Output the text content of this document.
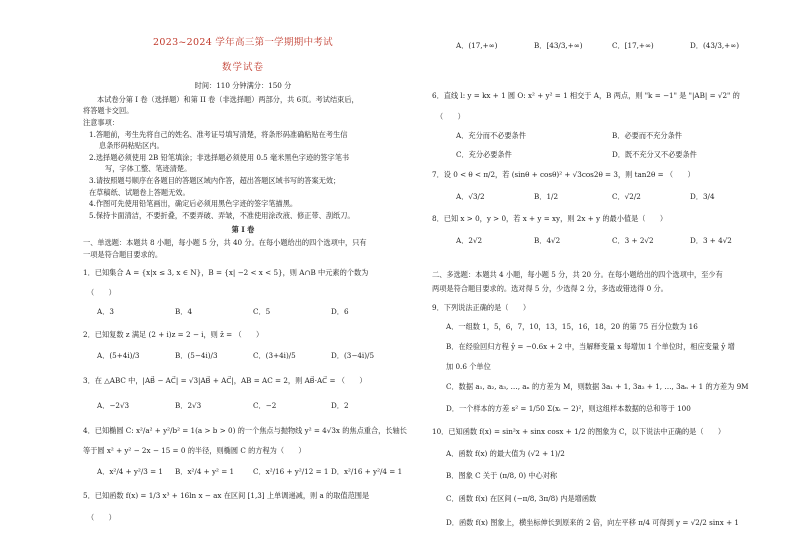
2023~2024 学年高三第一学期期中考试
数学试卷
时间：110 分钟满分：150 分
本试卷分第 I 卷（选择题）和第 II 卷（非选择题）两部分，共 6页。考试结束后，
将答题卡交回。
注意事项：
1.答题前，考生先将自己的姓名、准考证号填写清楚，将条形码准确粘贴在考生信
息条形码粘贴区内。
2.选择题必须使用 2B 铅笔填涂；非选择题必须使用 0.5 毫米黑色字迹的签字笔书
写，字体工整、笔迹清楚。
3.请按照题号顺序在各题目的答题区域内作答，超出答题区域书写的答案无效；
在草稿纸、试题卷上答题无效。
4.作图可先使用铅笔画出，确定后必须用黑色字迹的签字笔描黑。
5.保持卡面清洁，不要折叠，不要弄破、弄皱，不准使用涂改液、修正带、刮纸刀。
第 I 卷
一、单选题：本题共 8 小题，每小题 5 分，共 40 分。在每小题给出的四个选项中，只有
一项是符合题目要求的。
1．已知集合 A = {x|x ≤ 3, x ∈ N}，B = {x| −2 < x < 5}，则 A∩B 中元素的个数为
（　　）
A．3	B．4	C．5	D．6
2．已知复数 z 满足 (2 + i)z = 2 − i，则 z̄ = （　　）
A．(5+4i)/3	B．(5−4i)/3	C．(3+4i)/5	D．(3−4i)/5
3．在 △ABC 中，|AB⃗ − AC⃗| = √3|AB⃗ + AC⃗|，AB = AC = 2，则 AB⃗·AC⃗ = （　　）
A．−2√3	B．2√3	C．−2	D．2
4．已知椭圆 C: x²/a² + y²/b² = 1(a > b > 0) 的一个焦点与抛物线 y² = 4√3x 的焦点重合，长轴长
等于圆 x² + y² − 2x − 15 = 0 的半径，则椭圆 C 的方程为（　　）
A．x²/4 + y²/3 = 1 B．x²/4 + y² = 1	C．x²/16 + y²/12 = 1 D．x²/16 + y²/4 = 1
5．已知函数 f(x) = 1/3 x³ + 16ln x − ax 在区间 [1,3] 上单调递减，则 a 的取值范围是
（　　）
A．(17,+∞)	B．[43/3,+∞)	C．[17,+∞)	D．(43/3,+∞)
6．直线 l: y = kx + 1 圆 O: x² + y² = 1 相交于 A，B 两点，则 "k = −1" 是 "|AB| = √2" 的
（　　）
A．充分而不必要条件	B．必要而不充分条件
C．充分必要条件	D．既不充分又不必要条件
7．设 0 < θ < π/2，若 (sinθ + cosθ)² + √3cos2θ = 3，则 tan2θ = （　　）
A．√3/2	B．1/2	C．√2/2	D．3/4
8．已知 x > 0，y > 0，若 x + y = xy，则 2x + y 的最小值是（　　）
A．2√2	B．4√2	C．3 + 2√2	D．3 + 4√2
二、多选题：本题共 4 小题，每小题 5 分，共 20 分。在每小题给出的四个选项中，至少有
两项是符合题目要求的。选对得 5 分，少选得 2 分，多选或错选得 0 分。
9．下列说法正确的是（　　）
A．一组数 1，5，6，7，10，13，15，16，18，20 的第 75 百分位数为 16
B．在经验回归方程 ŷ = −0.6x + 2 中，当解释变量 x 每增加 1 个单位时，相应变量 ŷ 增
加 0.6 个单位
C．数据 a₁, a₂, a₃, …, aₙ 的方差为 M，则数据 3a₁ + 1, 3a₂ + 1, …, 3aₙ + 1 的方差为 9M
D．一个样本的方差 s² = 1/50 Σ(xᵢ − 2)²，则这组样本数据的总和等于 100
10．已知函数 f(x) = sin²x + sinx cosx + 1/2 的图象为 C，以下说法中正确的是（　　）
A．函数 f(x) 的最大值为 (√2 + 1)/2
B．图象 C 关于 (π/8, 0) 中心对称
C．函数 f(x) 在区间 (−π/8, 3π/8) 内是增函数
D．函数 f(x) 图象上，横坐标伸长到原来的 2 倍，向左平移 π/4 可得到 y = √2/2 sinx + 1
